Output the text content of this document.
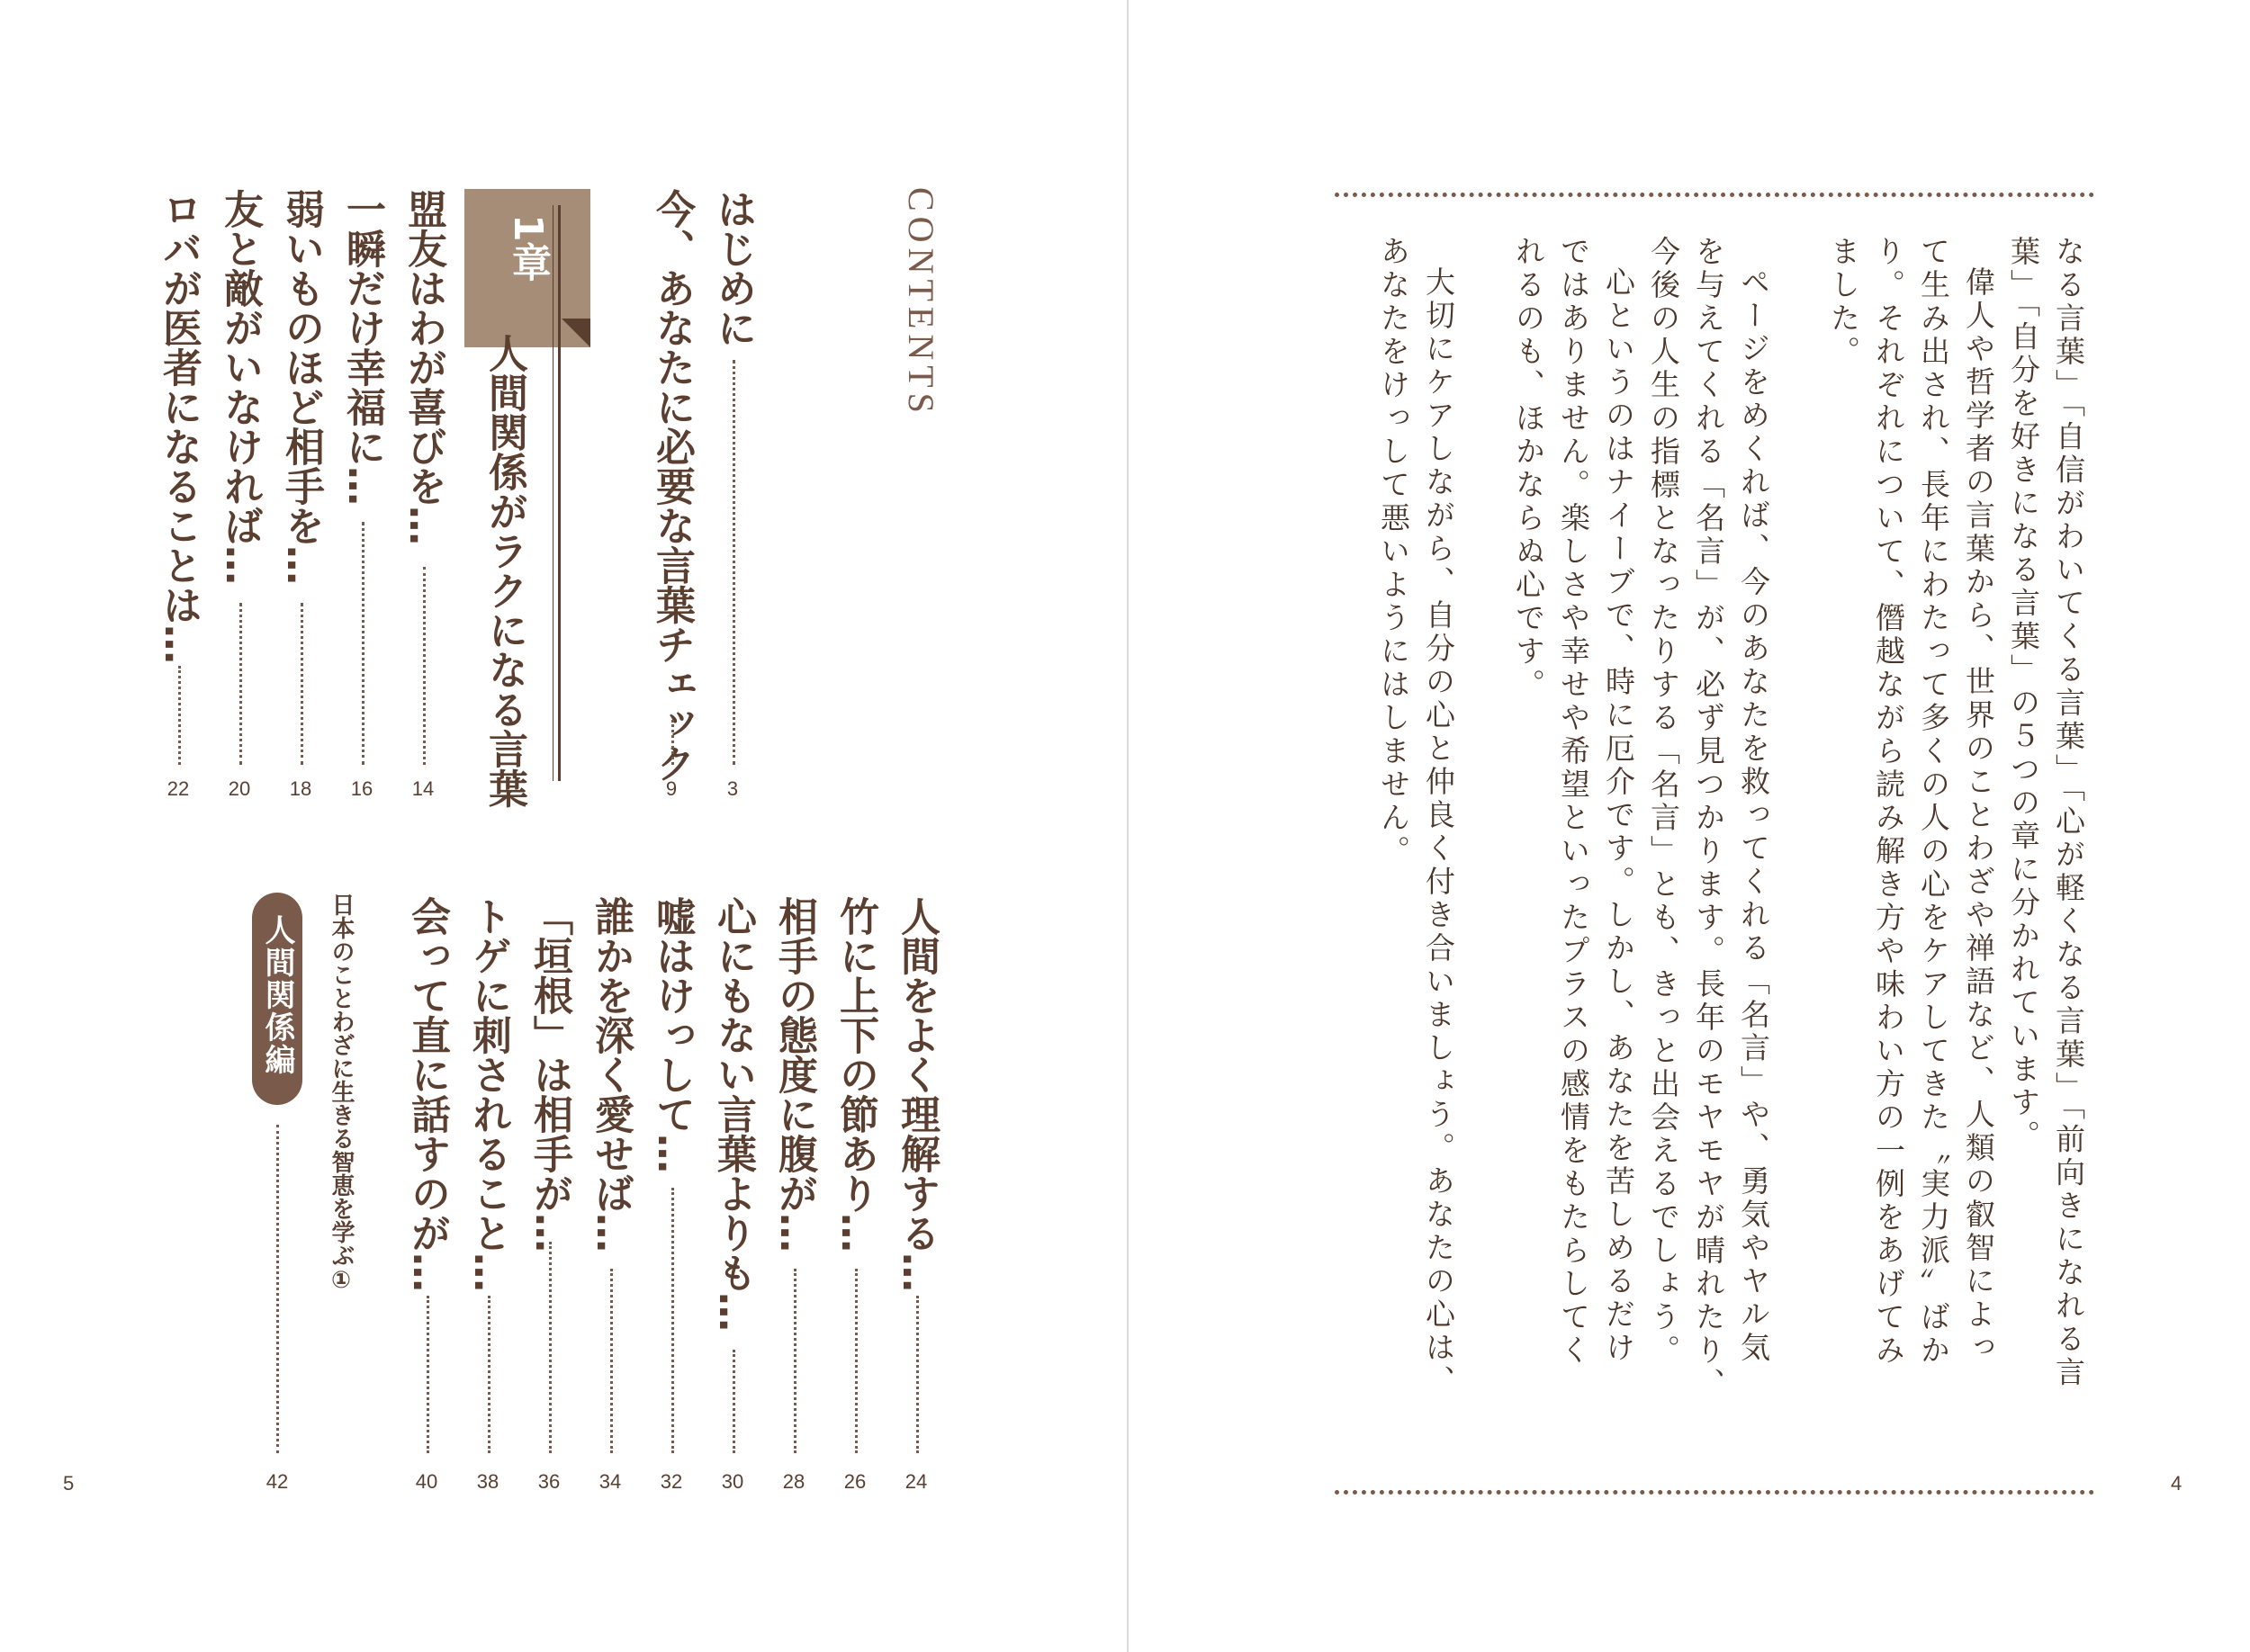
CONTENTS
はじめに
3
今、あなたに必要な言葉チェック
9
1章
人間関係がラクになる言葉
盟友はわが喜びを…
14
一瞬だけ幸福に…
16
弱いものほど相手を…
18
友と敵がいなければ…
20
ロバが医者になることは…
22
人間をよく理解する…
24
竹に上下の節あり…
26
相手の態度に腹が…
28
心にもない言葉よりも…
30
嘘はけっして…
32
誰かを深く愛せば…
34
「垣根」は相手が…
36
トゲに刺されること…
38
会って直に話すのが…
40
人間関係編 日本のことわざに生きる智恵を学ぶ①
42
5
なる言葉」「自信がわいてくる言葉」「心が軽くなる言葉」「前向きになれる言
葉」「自分を好きになる言葉」の５つの章に分かれています。
偉人や哲学者の言葉から、世界のことわざや禅語など、人類の叡智によっ
て生み出され、長年にわたって多くの人の心をケアしてきた〝実力派〟ばか
り。それぞれについて、僭越ながら読み解き方や味わい方の一例をあげてみ
ました。
ページをめくれば、今のあなたを救ってくれる「名言」や、勇気やヤル気
を与えてくれる「名言」が、必ず見つかります。長年のモヤモヤが晴れたり、
今後の人生の指標となったりする「名言」とも、きっと出会えるでしょう。
心というのはナイーブで、時に厄介です。しかし、あなたを苦しめるだけ
ではありません。楽しさや幸せや希望といったプラスの感情をもたらしてく
れるのも、ほかならぬ心です。
大切にケアしながら、自分の心と仲良く付き合いましょう。あなたの心は、
あなたをけっして悪いようにはしません。
4
